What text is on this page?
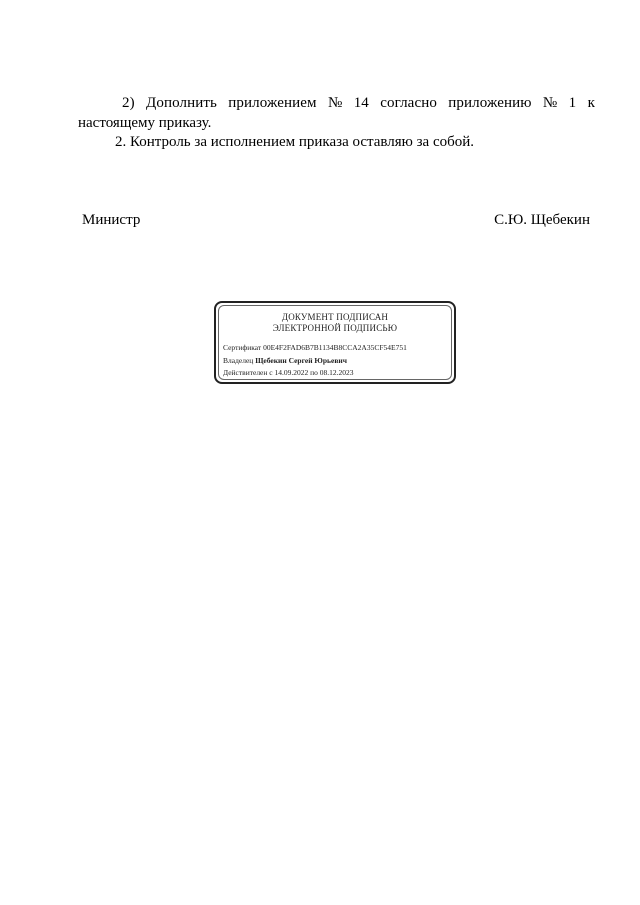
2) Дополнить приложением № 14 согласно приложению № 1 к
настоящему приказу.
2. Контроль за исполнением приказа оставляю за собой.
Министр	С.Ю. Щебекин
ДОКУМЕНТ ПОДПИСАН
ЭЛЕКТРОННОЙ ПОДПИСЬЮ
Сертификат 00E4F2FAD6B7B1134B8CCA2A35CF54E751
Владелец Щебекин Сергей Юрьевич
Действителен с 14.09.2022 по 08.12.2023
